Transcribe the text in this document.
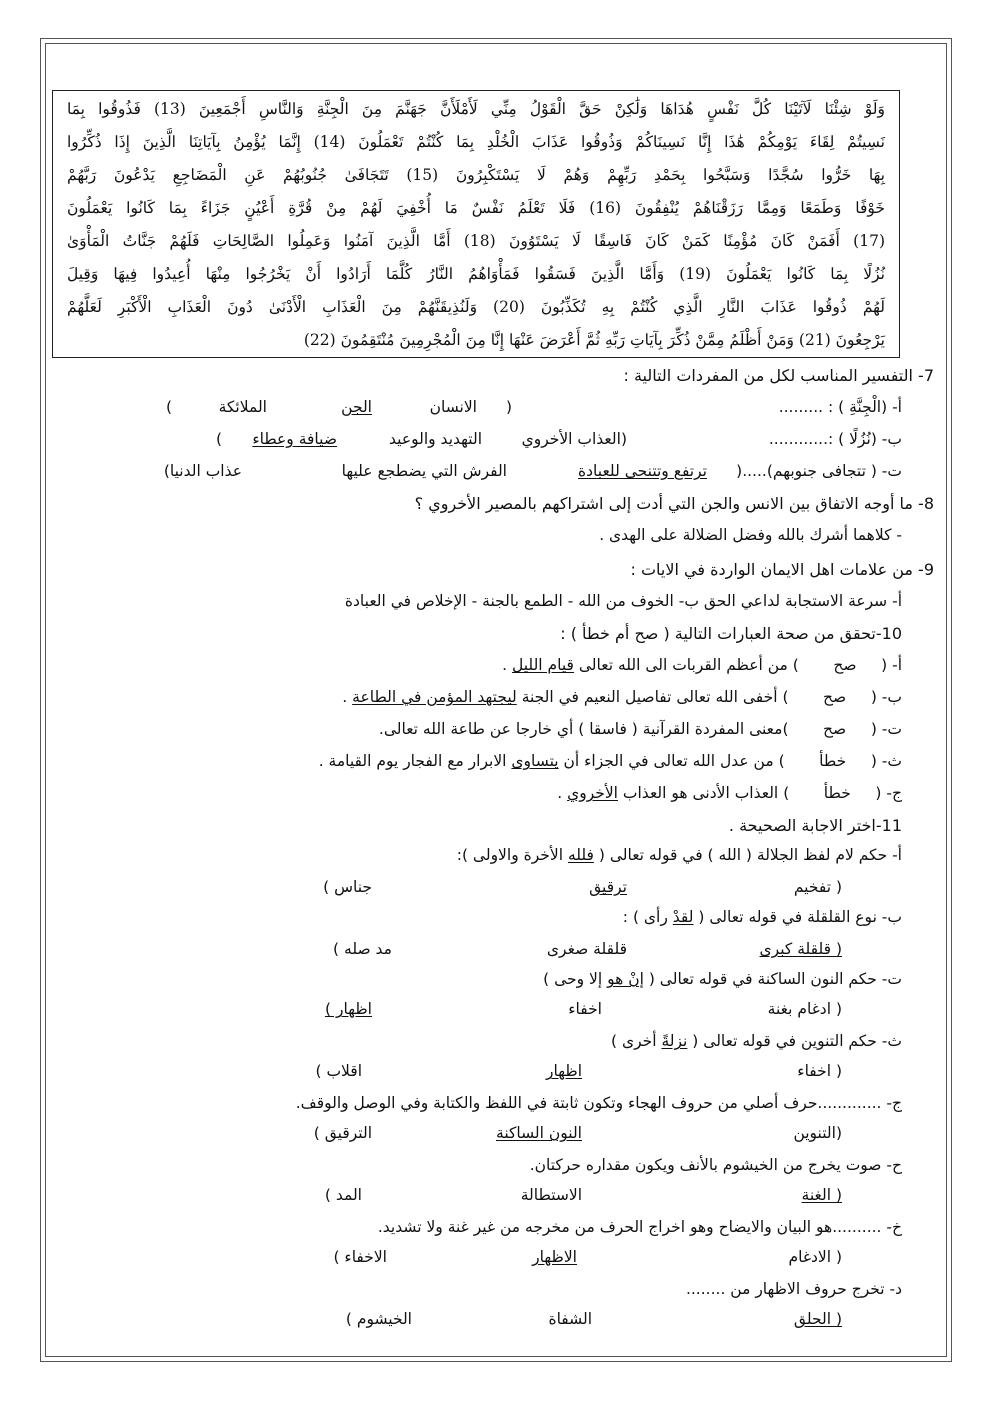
وَلَوْ شِئْنَا لَآتَيْنَا كُلَّ نَفْسٍ هُدَاهَا وَلَٰكِنْ حَقَّ الْقَوْلُ مِنِّي لَأَمْلَأَنَّ جَهَنَّمَ مِنَ الْجِنَّةِ وَالنَّاسِ أَجْمَعِينَ (13) فَذُوقُوا بِمَا
نَسِيتُمْ لِقَاءَ يَوْمِكُمْ هَٰذَا إِنَّا نَسِينَاكُمْ وَذُوقُوا عَذَابَ الْخُلْدِ بِمَا كُنْتُمْ تَعْمَلُونَ (14) إِنَّمَا يُؤْمِنُ بِآيَاتِنَا الَّذِينَ إِذَا ذُكِّرُوا
بِهَا خَرُّوا سُجَّدًا وَسَبَّحُوا بِحَمْدِ رَبِّهِمْ وَهُمْ لَا يَسْتَكْبِرُونَ (15) تَتَجَافَىٰ جُنُوبُهُمْ عَنِ الْمَضَاجِعِ يَدْعُونَ رَبَّهُمْ
خَوْفًا وَطَمَعًا وَمِمَّا رَزَقْنَاهُمْ يُنْفِقُونَ (16) فَلَا تَعْلَمُ نَفْسٌ مَا أُخْفِيَ لَهُمْ مِنْ قُرَّةِ أَعْيُنٍ جَزَاءً بِمَا كَانُوا يَعْمَلُونَ
(17) أَفَمَنْ كَانَ مُؤْمِنًا كَمَنْ كَانَ فَاسِقًا لَا يَسْتَوُونَ (18) أَمَّا الَّذِينَ آمَنُوا وَعَمِلُوا الصَّالِحَاتِ فَلَهُمْ جَنَّاتُ الْمَأْوَىٰ
نُزُلًا بِمَا كَانُوا يَعْمَلُونَ (19) وَأَمَّا الَّذِينَ فَسَقُوا فَمَأْوَاهُمُ النَّارُ كُلَّمَا أَرَادُوا أَنْ يَخْرُجُوا مِنْهَا أُعِيدُوا فِيهَا وَقِيلَ
لَهُمْ ذُوقُوا عَذَابَ النَّارِ الَّذِي كُنْتُمْ بِهِ تُكَذِّبُونَ (20) وَلَنُذِيقَنَّهُمْ مِنَ الْعَذَابِ الْأَدْنَىٰ دُونَ الْعَذَابِ الْأَكْبَرِ لَعَلَّهُمْ
يَرْجِعُونَ (21) وَمَنْ أَظْلَمُ مِمَّنْ ذُكِّرَ بِآيَاتِ رَبِّهِ ثُمَّ أَعْرَضَ عَنْهَا إِنَّا مِنَ الْمُجْرِمِينَ مُنْتَقِمُونَ (22)
7- التفسير المناسب لكل من المفردات التالية :
أ- (الْجِنَّةِ ) : .........
(
الانسان
الجن
الملائكة
)
ب- (نُزُلًا ) :............
(العذاب الأخروي
التهديد والوعيد
ضيافة وعطاء
)
ت- ( تتجافى جنوبهم).....(
ترتفع وتتنحى للعبادة
الفرش التي يضطجع عليها
عذاب الدنيا)
8- ما أوجه الاتفاق بين الانس والجن التي أدت إلى اشتراكهم بالمصير الأخروي ؟
- كلاهما أشرك بالله وفضل الضلالة على الهدى .
9- من علامات اهل الايمان الواردة في الايات :
أ- سرعة الاستجابة لداعي الحق ب- الخوف من الله - الطمع بالجنة - الإخلاص في العبادة
10-تحقق من صحة العبارات التالية ( صح أم خطأ ) :
أ- (     صح       ) من أعظم القربات الى الله تعالى قيام الليل .
ب- (     صح       ) أخفى الله تعالى تفاصيل النعيم في الجنة ليجتهد المؤمن في الطاعة .
ت- (     صح       )معنى المفردة القرآنية ( فاسقا ) أي خارجا عن طاعة الله تعالى.
ث- (     خطأ       ) من عدل الله تعالى في الجزاء أن يتساوى الابرار مع الفجار يوم القيامة .
ج- (     خطأ       ) العذاب الأدنى هو العذاب الأخروي .
11-اختر الاجابة الصحيحة .
أ- حكم لام لفظ الجلالة ( الله ) في قوله تعالى ( فلله الأخرة والاولى ):
( تفخيم
ترقيق
جناس )
ب- نوع القلقلة في قوله تعالى ( لقدْ رأى ) :
( قلقلة كبرى
قلقلة صغرى
مد صله )
ت- حكم النون الساكنة في قوله تعالى ( إنْ هو إلا وحى )
( ادغام بغنة
اخفاء
اظهار )
ث- حكم التنوين في قوله تعالى ( نزلةً أخرى )
( اخفاء
اظهار
اقلاب )
ج- .............حرف أصلي من حروف الهجاء وتكون ثابتة في اللفظ والكتابة وفي الوصل والوقف.
(التنوين
النون الساكنة
الترقيق )
ح- صوت يخرج من الخيشوم بالأنف ويكون مقداره حركتان.
( الغنة
الاستطالة
المد )
خ- ..........هو البيان والايضاح وهو اخراج الحرف من مخرجه من غير غنة ولا تشديد.
( الادغام
الاظهار
الاخفاء )
د- تخرج حروف الاظهار من ........
( الحلق
الشفاة
الخيشوم )
